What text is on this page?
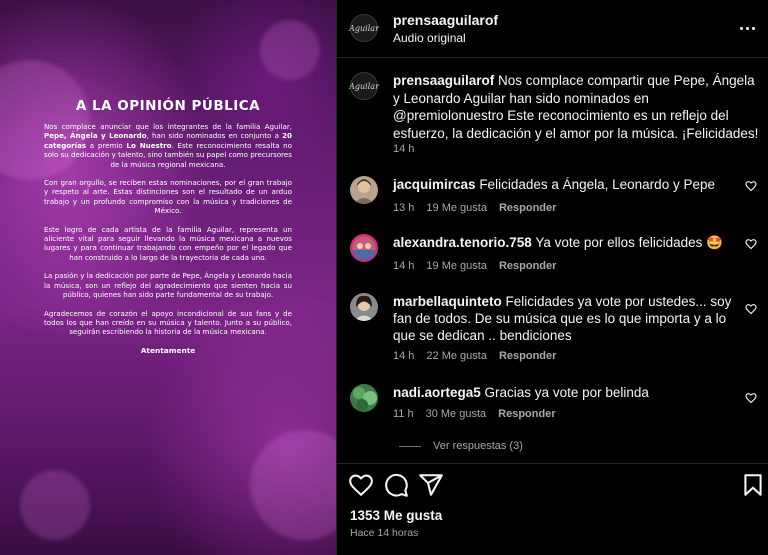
A LA OPINIÓN PÚBLICA

Nos complace anunciar que los integrantes de la familia Aguilar, Pepe, Ángela y Leonardo, han sido nominados en conjunto a 20 categorías a premio Lo Nuestro. Este reconocimiento resalta no solo su dedicación y talento, sino también su papel como precursores de la música regional mexicana.

Con gran orgullo, se reciben estas nominaciones, por el gran trabajo y respeto al arte. Estas distinciones son el resultado de un arduo trabajo y un profundo compromiso con la música y tradiciones de México.

Este logro de cada artista de la familia Aguilar, representa un aliciente vital para seguir llevando la música mexicana a nuevos lugares y para continuar trabajando con empeño por el legado que han construido a lo largo de la trayectoria de cada uno.

La pasión y la dedicación por parte de Pepe, Ángela y Leonardo hacia la música, son un reflejo del agradecimiento que sienten hacia su público, quienes han sido parte fundamental de su trabajo.

Agradecemos de corazón el apoyo incondicional de sus fans y de todos los que han creído en su música y talento. Junto a su público, seguirán escribiendo la historia de la música mexicana.

Atentamente
Aguilar prensaaguilarof
Audio original
Aguilar prensaaguilarof Nos complace compartir que Pepe, Ángela y Leonardo Aguilar han sido nominados en @premiolonuestro Este reconocimiento es un reflejo del esfuerzo, la dedicación y el amor por la música. ¡Felicidades!
14 h
jacquimircas Felicidades a Ángela, Leonardo y Pepe
13 h 19 Me gusta Responder
alexandra.tenorio.758 Ya vote por ellos felicidades 🤩
14 h 19 Me gusta Responder
marbellaquinteto Felicidades ya vote por ustedes... soy fan de todos. De su música que es lo que importa y a lo que se dedican .. bendiciones
14 h 22 Me gusta Responder
nadi.aortega5 Gracias ya vote por belinda
11 h 30 Me gusta Responder
Ver respuestas (3)
1353 Me gusta
Hace 14 horas
